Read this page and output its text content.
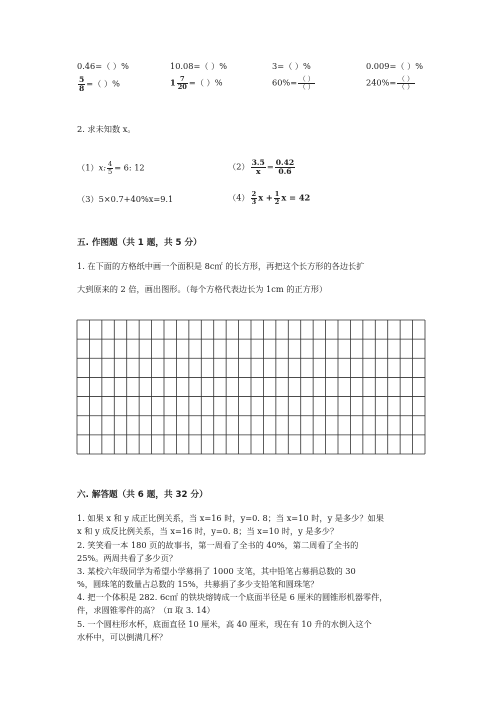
0.46=（ ）%	10.08=（ ）%	3=（ ）%	0.009=（ ）%
$\frac{5}{8}$ =（ ）%	$1 \frac{7}{20}$ =（ ）%	$60\%= \frac{( )}{( )}$	$240\%= \frac{( )}{( )}$
2. 求未知数 x。
（1）x: $\frac{4}{5} = 6$: 12	$(2) \frac{3.5}{x} = \frac{0.42}{0.6}$
（3）5×0.7+40%x=9.1	$(4) \frac{2}{3}$ $x + \frac{1}{2}$ x = 42
五. 作图题（共 1 题，共 5 分）
1. 在下面的方格纸中画一个面积是 8c㎡ 的长方形，再把这个长方形的各边长扩
大到原来的 2 倍，画出图形。（每个方格代表边长为 1cm 的正方形）
六. 解答题（共 6 题，共 32 分）
1. 如果 x 和 y 成正比例关系，当 x=16 时，y=0. 8；当 x=10 时，y 是多少？如果
x 和 y 成反比例关系，当 x=16 时，y=0. 8；当 x=10 时，y 是多少？
2. 笑笑看一本 180 页的故事书，第一周看了全书的 40%，第二周看了全书的
25%。两周共看了多少页？
3. 某校六年级同学为希望小学募捐了 1000 支笔，其中铅笔占募捐总数的 30
%，圆珠笔的数量占总数的 15%，共募捐了多少支铅笔和圆珠笔？
4. 把一个体积是 282. 6c㎡ 的铁块熔铸成一个底面半径是 6 厘米的圆锥形机器零件，
件，求圆锥零件的高？（π 取 3. 14）
5. 一个圆柱形水杯，底面直径 10 厘米，高 40 厘米，现在有 10 升的水倒入这个
水杯中，可以倒满几杯？
